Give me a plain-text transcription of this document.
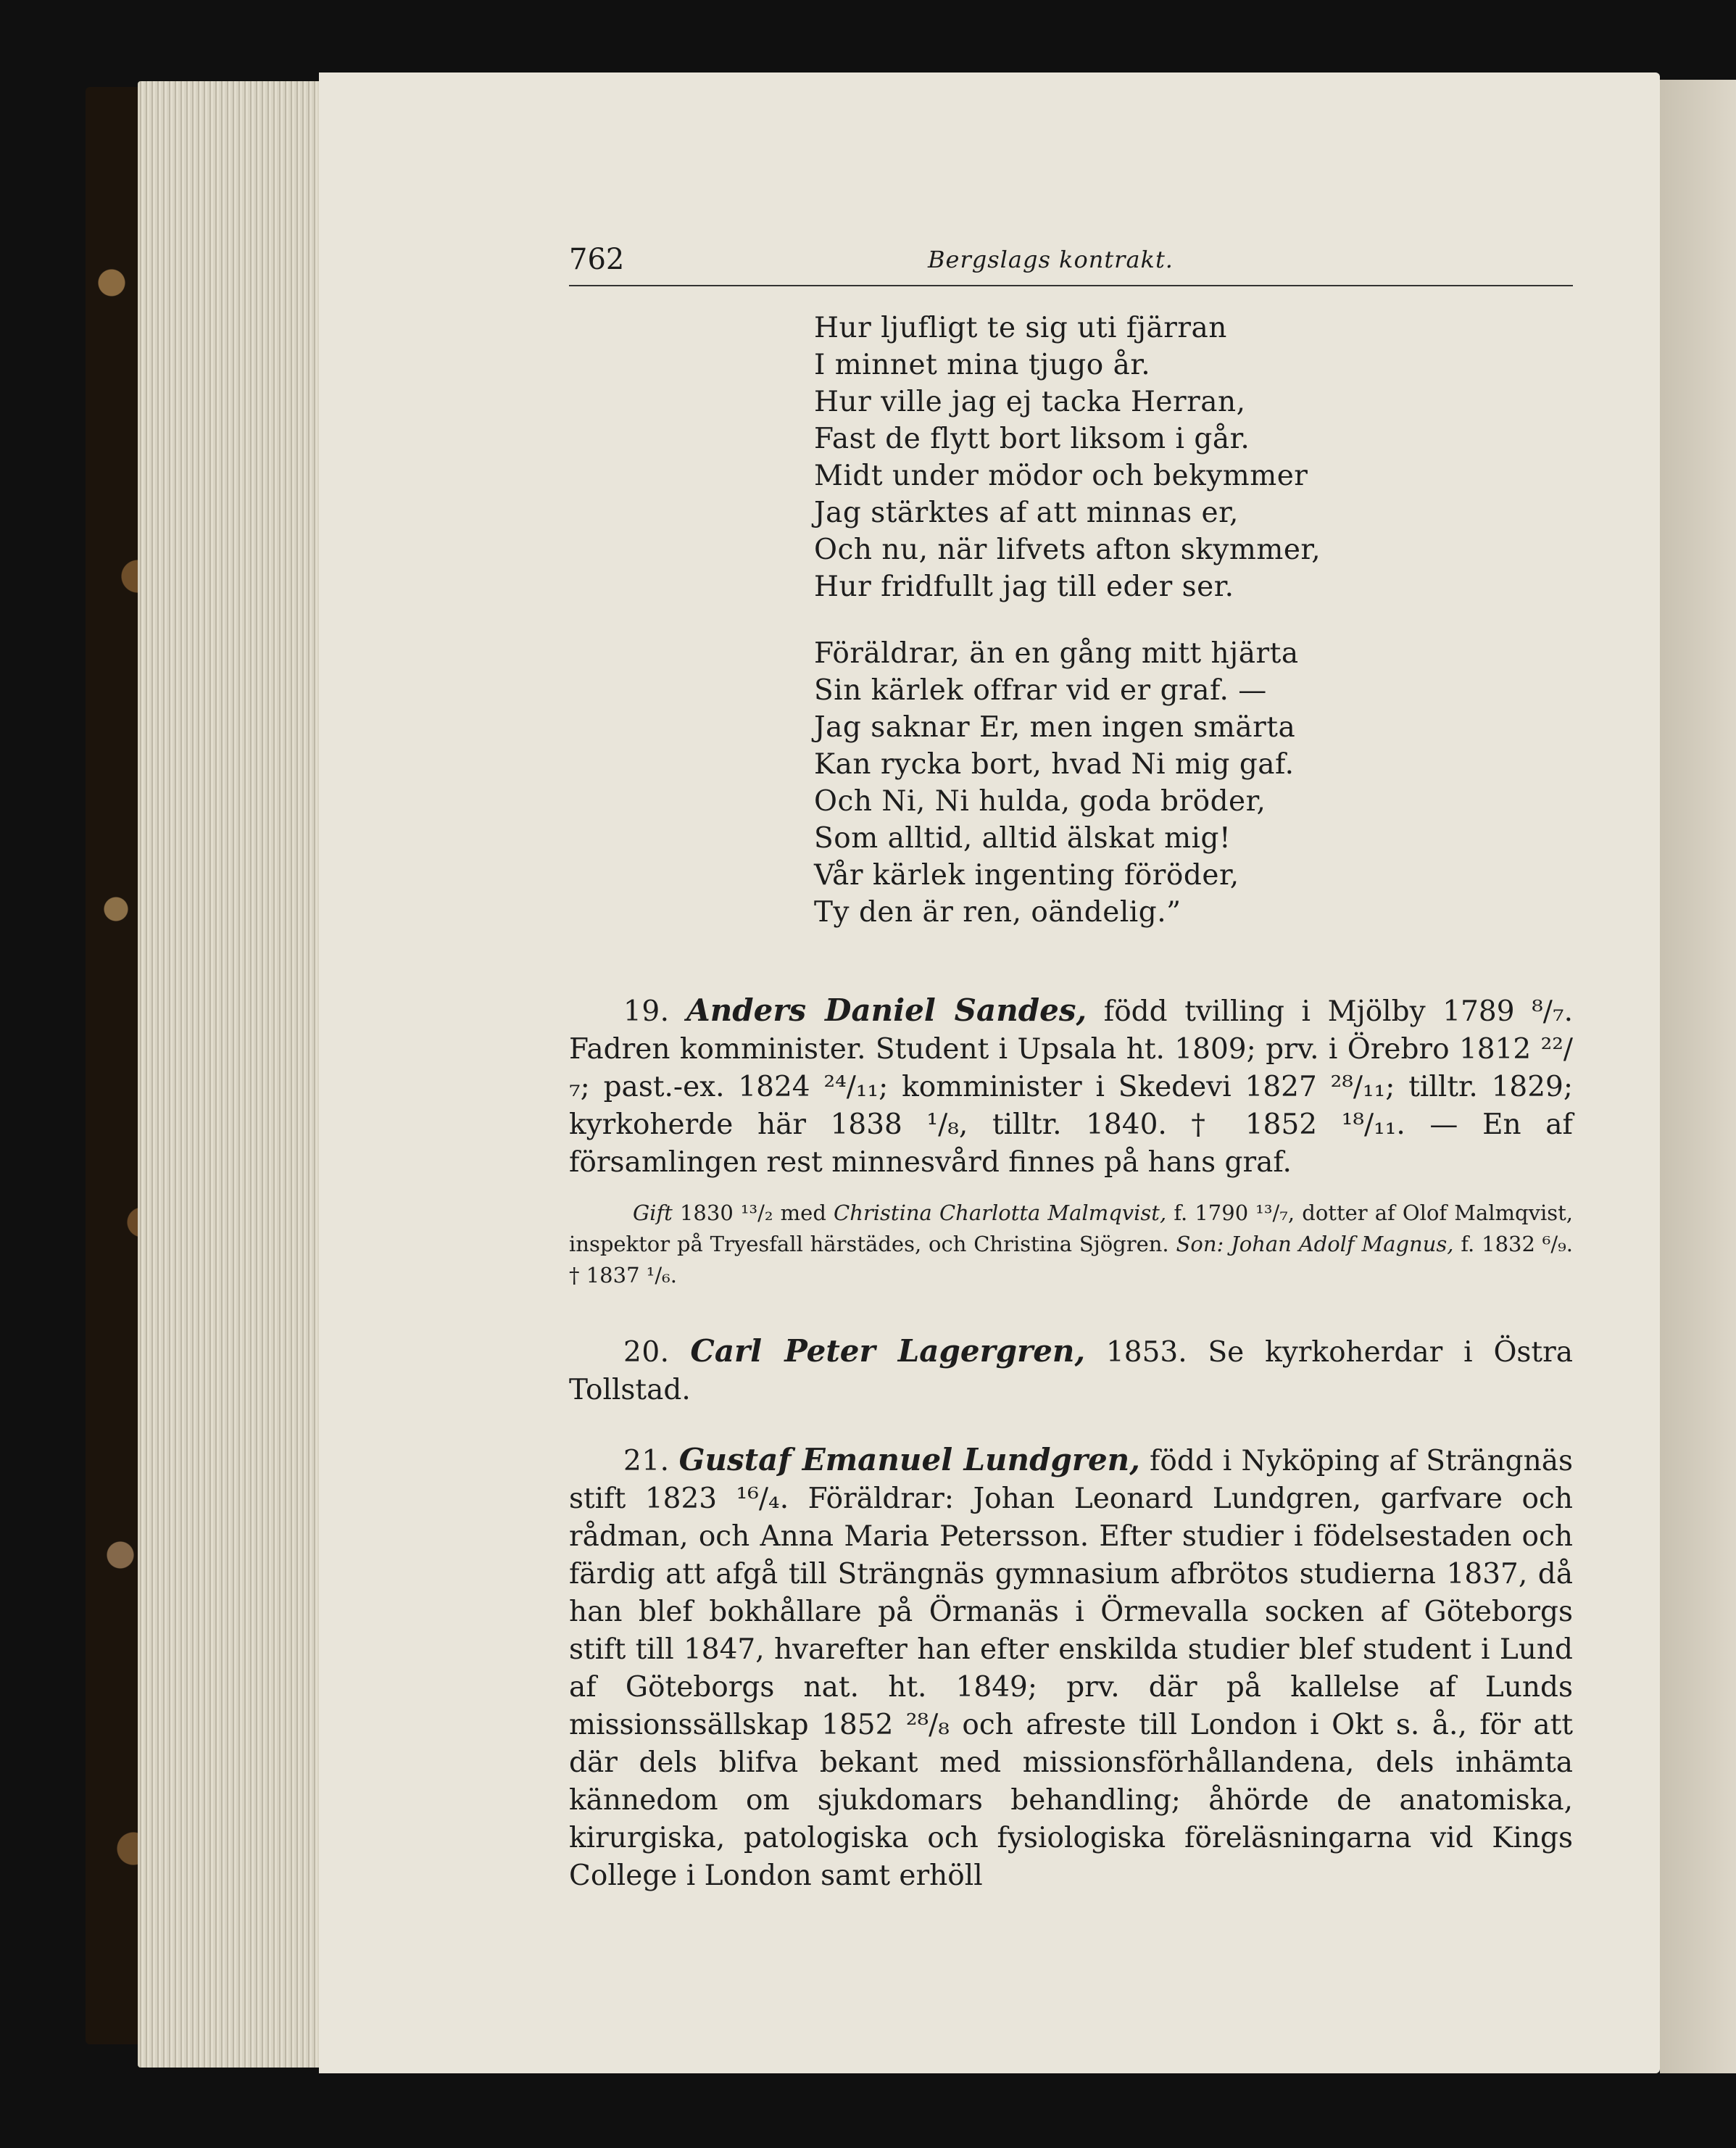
762	Bergslags kontrakt.
Hur ljufligt te sig uti fjärran
I minnet mina tjugo år.
Hur ville jag ej tacka Herran,
Fast de flytt bort liksom i går.
Midt under mödor och bekymmer
Jag stärktes af att minnas er,
Och nu, när lifvets afton skymmer,
Hur fridfullt jag till eder ser.
Föräldrar, än en gång mitt hjärta
Sin kärlek offrar vid er graf. —
Jag saknar Er, men ingen smärta
Kan rycka bort, hvad Ni mig gaf.
Och Ni, Ni hulda, goda bröder,
Som alltid, alltid älskat mig!
Vår kärlek ingenting föröder,
Ty den är ren, oändelig.”
19. Anders Daniel Sandes, född tvilling i Mjölby 1789 ⁸/₇. Fadren komminister. Student i Upsala ht. 1809; prv. i Örebro 1812 ²²/₇; past.-ex. 1824 ²⁴/₁₁; komminister i Skedevi 1827 ²⁸/₁₁; tilltr. 1829; kyrkoherde här 1838 ¹/₈, tilltr. 1840. † 1852 ¹⁸/₁₁. — En af församlingen rest minnesvård finnes på hans graf.
Gift 1830 ¹³/₂ med Christina Charlotta Malmqvist, f. 1790 ¹³/₇, dotter af Olof Malmqvist, inspektor på Tryesfall härstädes, och Christina Sjögren. Son: Johan Adolf Magnus, f. 1832 ⁶/₉. † 1837 ¹/₆.
20. Carl Peter Lagergren, 1853. Se kyrkoherdar i Östra Tollstad.
21. Gustaf Emanuel Lundgren, född i Nyköping af Strängnäs stift 1823 ¹⁶/₄. Föräldrar: Johan Leonard Lundgren, garfvare och rådman, och Anna Maria Petersson. Efter studier i födelsestaden och färdig att afgå till Strängnäs gymnasium afbrötos studierna 1837, då han blef bokhållare på Örmanäs i Örmevalla socken af Göteborgs stift till 1847, hvarefter han efter enskilda studier blef student i Lund af Göteborgs nat. ht. 1849; prv. där på kallelse af Lunds missionssällskap 1852 ²⁸/₈ och afreste till London i Okt s. å., för att där dels blifva bekant med missionsförhållandena, dels inhämta kännedom om sjukdomars behandling; åhörde de anatomiska, kirurgiska, patologiska och fysiologiska föreläsningarna vid Kings College i London samt erhöll
